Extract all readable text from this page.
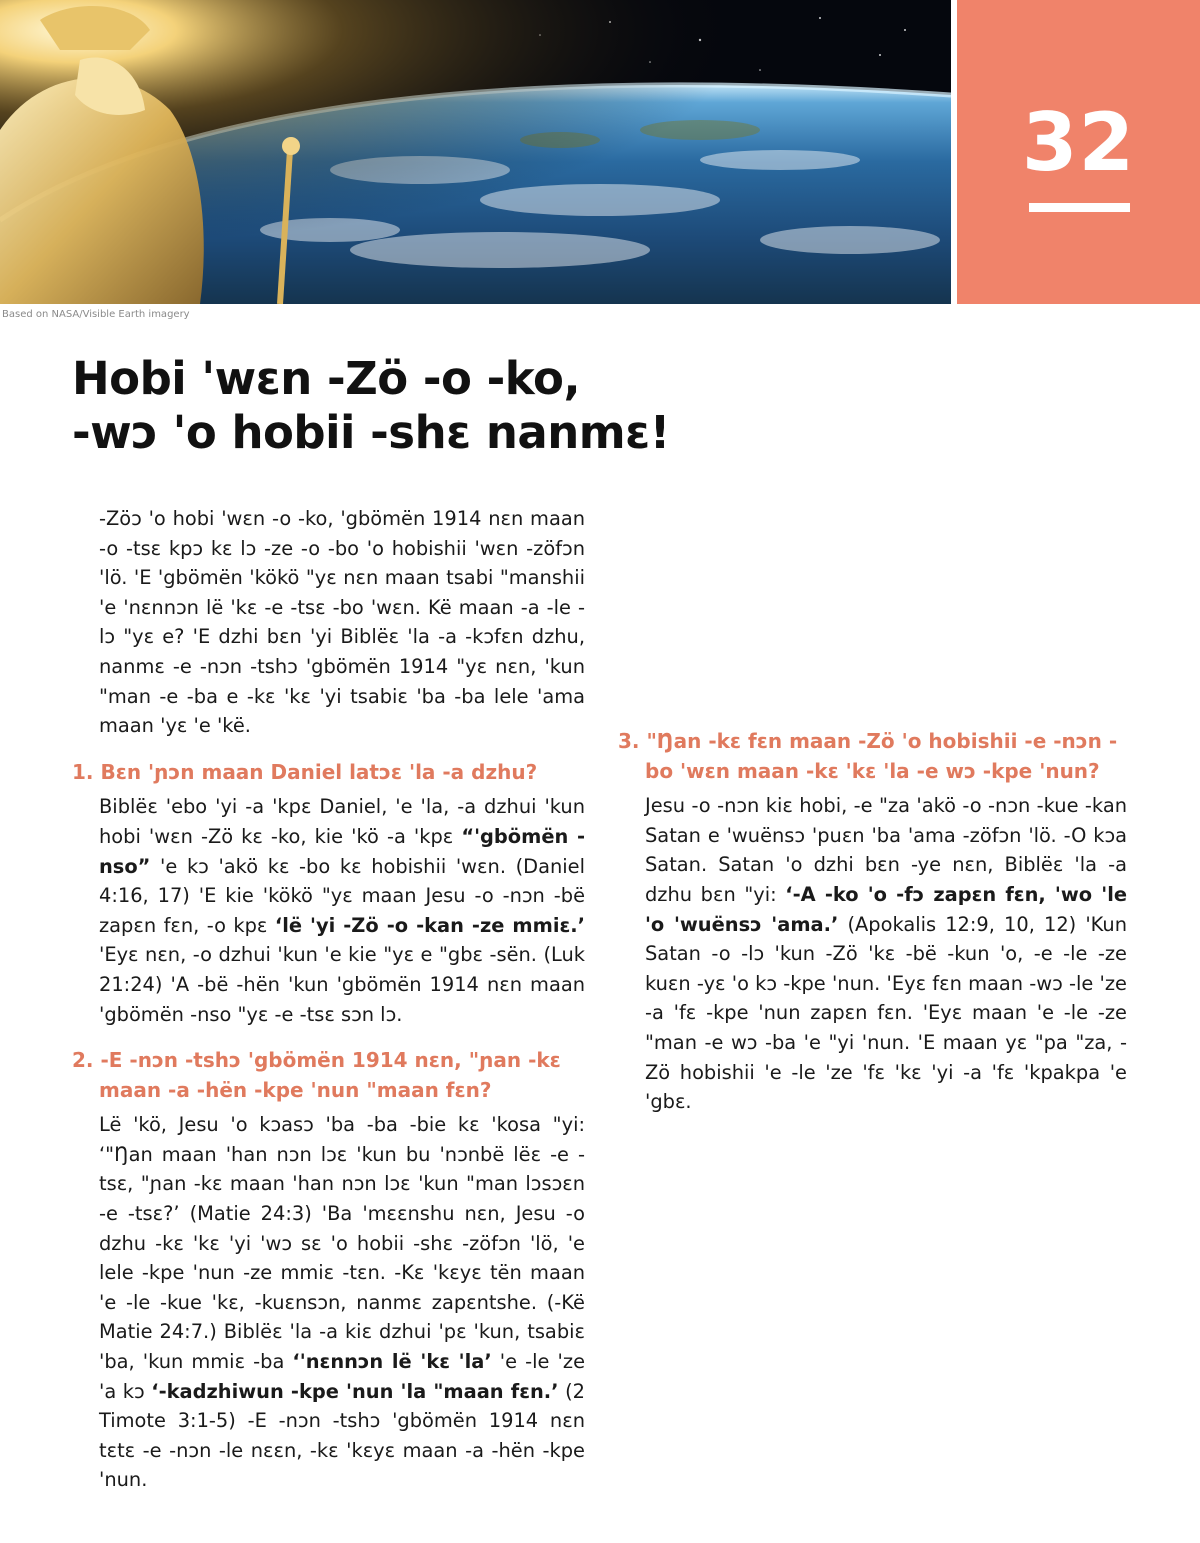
32
Based on NASA/Visible Earth imagery
Hobi 'wɛn -Zö -o -ko,
-wɔ 'o hobii -shɛ nanmɛ!

-Zöɔ 'o hobi 'wɛn -o -ko, 'gbömën 1914 nɛn maan -o -tsɛ kpɔ kɛ lɔ -ze -o -bo 'o hobishii 'wɛn -zöfɔn 'lö. 'E 'gbömën 'kökö "yɛ nɛn maan tsabi "manshii 'e 'nɛnnɔn lë 'kɛ -e -tsɛ -bo 'wɛn. Kë maan -a -le -lɔ "yɛ e? 'E dzhi bɛn 'yi Biblëɛ 'la -a -kɔfɛn dzhu, nanmɛ -e -nɔn -tshɔ 'gbömën 1914 "yɛ nɛn, 'kun "man -e -ba e -kɛ 'kɛ 'yi tsabiɛ 'ba -ba lele 'ama maan 'yɛ 'e 'kë.

1. Bɛn 'ɲɔn maan Daniel latɔɛ 'la -a dzhu?

Biblëɛ 'ebo 'yi -a 'kpɛ Daniel, 'e 'la, -a dzhui 'kun hobi 'wɛn -Zö kɛ -ko, kie 'kö -a 'kpɛ “'gbömën -nso” 'e kɔ 'akö kɛ -bo kɛ hobishii 'wɛn. (Daniel 4:16, 17) 'E kie 'kökö "yɛ maan Jesu -o -nɔn -bë zapɛn fɛn, -o kpɛ ‘lë 'yi -Zö -o -kan -ze mmiɛ.’ 'Eyɛ nɛn, -o dzhui 'kun 'e kie "yɛ e "gbɛ -sën. (Luk 21:24) 'A -bë -hën 'kun 'gbömën 1914 nɛn maan 'gbömën -nso "yɛ -e -tsɛ sɔn lɔ.

2. -E -nɔn -tshɔ 'gbömën 1914 nɛn, "ɲan -kɛ maan -a -hën -kpe 'nun "maan fɛn?

Lë 'kö, Jesu 'o kɔasɔ 'ba -ba -bie kɛ 'kosa "yi: ‘"Ŋan maan 'han nɔn lɔɛ 'kun bu 'nɔnbë lëɛ -e -tsɛ, "ɲan -kɛ maan 'han nɔn lɔɛ 'kun "man lɔsɔɛn -e -tsɛ?’ (Matie 24:3) 'Ba 'mɛɛnshu nɛn, Jesu -o dzhu -kɛ 'kɛ 'yi 'wɔ sɛ 'o hobii -shɛ -zöfɔn 'lö, 'e lele -kpe 'nun -ze mmiɛ -tɛn. -Kɛ 'kɛyɛ tën maan 'e -le -kue 'kɛ, -kuɛnsɔn, nanmɛ zapɛntshe. (-Kë Matie 24:7.) Biblëɛ 'la -a kiɛ dzhui 'pɛ 'kun, tsabiɛ 'ba, 'kun mmiɛ -ba ‘'nɛnnɔn lë 'kɛ 'la’ 'e -le 'ze 'a kɔ ‘-kadzhiwun -kpe 'nun 'la "maan fɛn.’ (2 Timote 3:1-5) -E -nɔn -tshɔ 'gbömën 1914 nɛn tɛtɛ -e -nɔn -le nɛɛn, -kɛ 'kɛyɛ maan -a -hën -kpe 'nun.

3. "Ŋan -kɛ fɛn maan -Zö 'o hobishii -e -nɔn -bo 'wɛn maan -kɛ 'kɛ 'la -e wɔ -kpe 'nun?

Jesu -o -nɔn kiɛ hobi, -e "za 'akö -o -nɔn -kue -kan Satan e 'wuënsɔ 'puɛn 'ba 'ama -zöfɔn 'lö. -O kɔa Satan. Satan 'o dzhi bɛn -ye nɛn, Biblëɛ 'la -a dzhu bɛn "yi: ‘-A -ko 'o -fɔ zapɛn fɛn, 'wo 'le 'o 'wuënsɔ 'ama.’ (Apokalis 12:9, 10, 12) 'Kun Satan -o -lɔ 'kun -Zö 'kɛ -bë -kun 'o, -e -le -ze kuɛn -yɛ 'o kɔ -kpe 'nun. 'Eyɛ fɛn maan -wɔ -le 'ze -a 'fɛ -kpe 'nun zapɛn fɛn. 'Eyɛ maan 'e -le -ze "man -e wɔ -ba 'e "yi 'nun. 'E maan yɛ "pa "za, -Zö hobishii 'e -le 'ze 'fɛ 'kɛ 'yi -a 'fɛ 'kpakpa 'e 'gbɛ.
